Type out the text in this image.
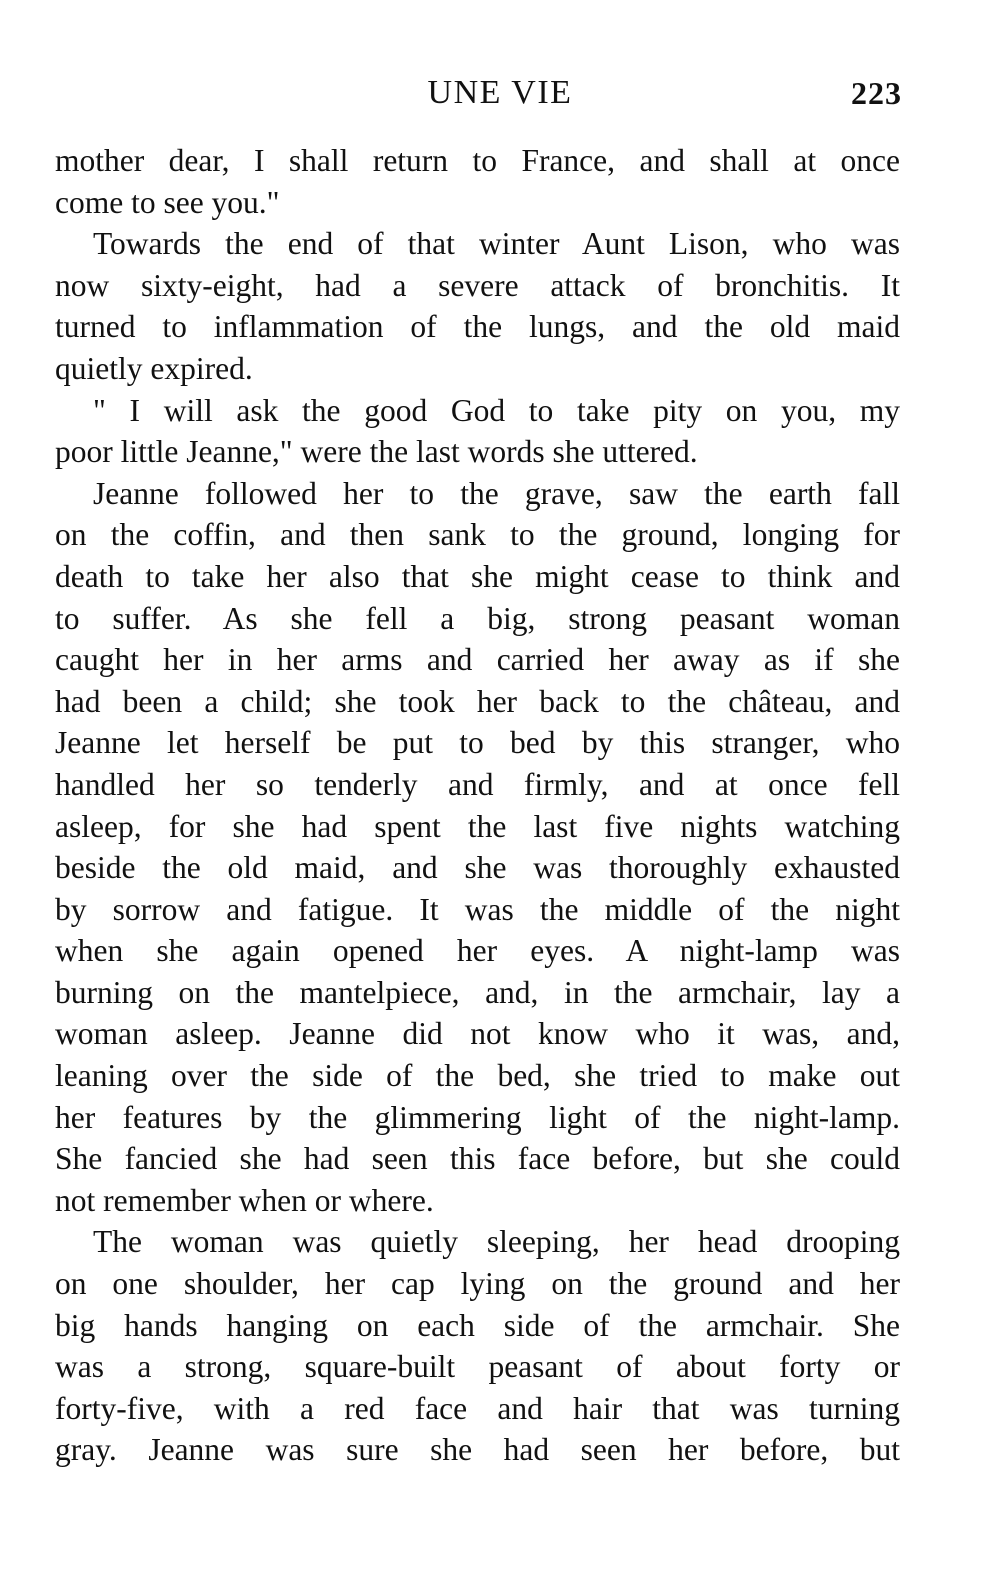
UNE VIE	223
mother dear, I shall return to France, and shall at once
come to see you."
Towards the end of that winter Aunt Lison, who was
now sixty-eight, had a severe attack of bronchitis. It
turned to inflammation of the lungs, and the old maid
quietly expired.
" I will ask the good God to take pity on you, my
poor little Jeanne," were the last words she uttered.
Jeanne followed her to the grave, saw the earth fall
on the coffin, and then sank to the ground, longing for
death to take her also that she might cease to think and
to suffer. As she fell a big, strong peasant woman
caught her in her arms and carried her away as if she
had been a child; she took her back to the château, and
Jeanne let herself be put to bed by this stranger, who
handled her so tenderly and firmly, and at once fell
asleep, for she had spent the last five nights watching
beside the old maid, and she was thoroughly exhausted
by sorrow and fatigue. It was the middle of the night
when she again opened her eyes. A night-lamp was
burning on the mantelpiece, and, in the armchair, lay a
woman asleep. Jeanne did not know who it was, and,
leaning over the side of the bed, she tried to make out
her features by the glimmering light of the night-lamp.
She fancied she had seen this face before, but she could
not remember when or where.
The woman was quietly sleeping, her head drooping
on one shoulder, her cap lying on the ground and her
big hands hanging on each side of the armchair. She
was a strong, square-built peasant of about forty or
forty-five, with a red face and hair that was turning
gray. Jeanne was sure she had seen her before, but
